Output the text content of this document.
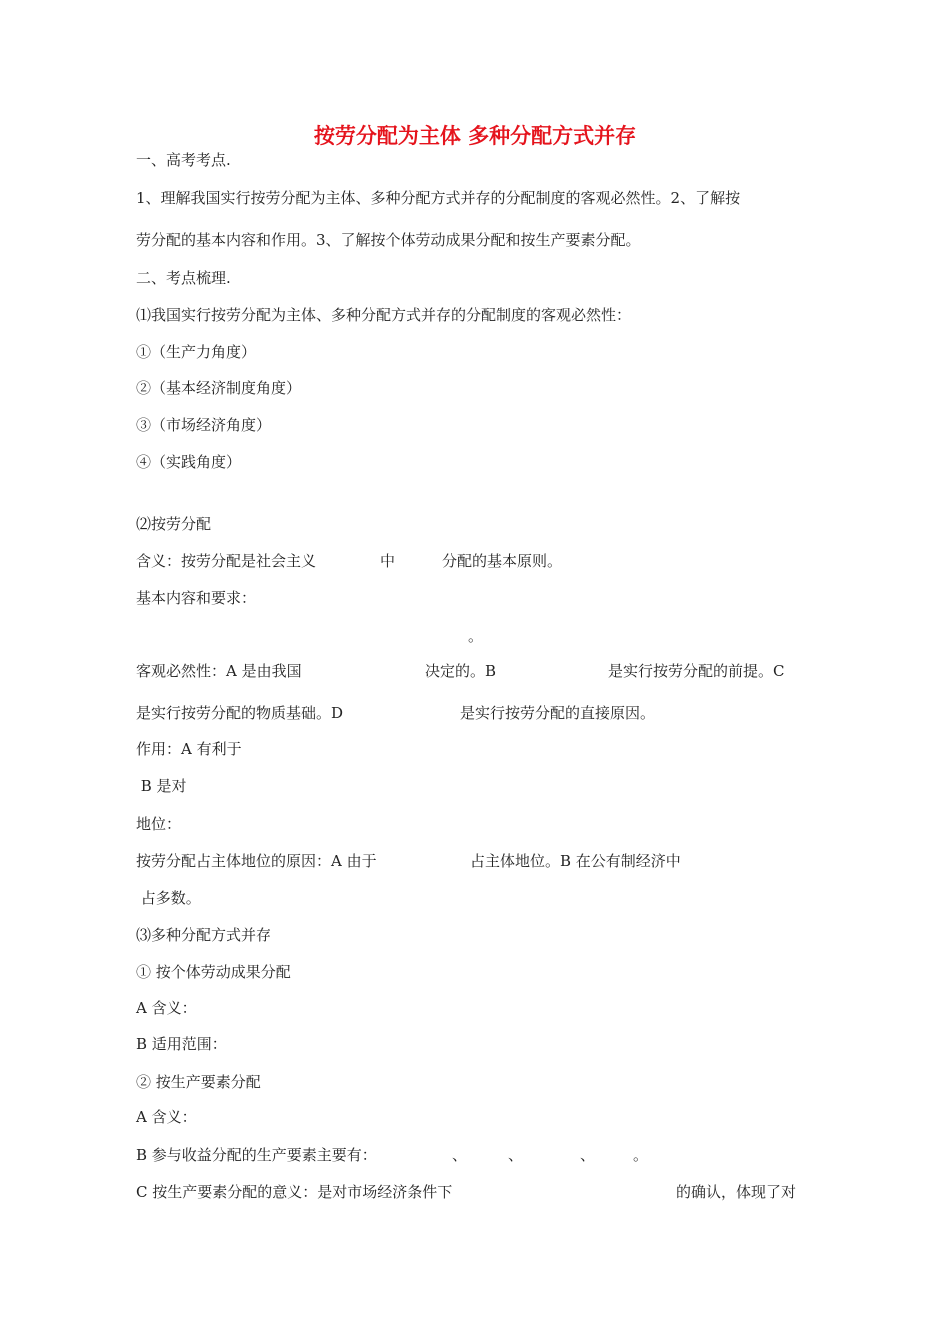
按劳分配为主体 多种分配方式并存
一、高考考点.
1、理解我国实行按劳分配为主体、多种分配方式并存的分配制度的客观必然性。2、了解按
劳分配的基本内容和作用。3、了解按个体劳动成果分配和按生产要素分配。
二、考点梳理.
⑴我国实行按劳分配为主体、多种分配方式并存的分配制度的客观必然性：
①（生产力角度）
②（基本经济制度角度）
③（市场经济角度）
④（实践角度）
⑵按劳分配
含义：按劳分配是社会主义	中	分配的基本原则。
基本内容和要求：
。
客观必然性：A 是由我国	决定的。B	是实行按劳分配的前提。C
是实行按劳分配的物质基础。D	是实行按劳分配的直接原因。
作用：A 有利于
B 是对
地位：
按劳分配占主体地位的原因：A 由于	占主体地位。B 在公有制经济中
占多数。
⑶多种分配方式并存
① 按个体劳动成果分配
A 含义：
B 适用范围：
② 按生产要素分配
A 含义：
B 参与收益分配的生产要素主要有：	、	、	、	。
C 按生产要素分配的意义：是对市场经济条件下	的确认，体现了对
